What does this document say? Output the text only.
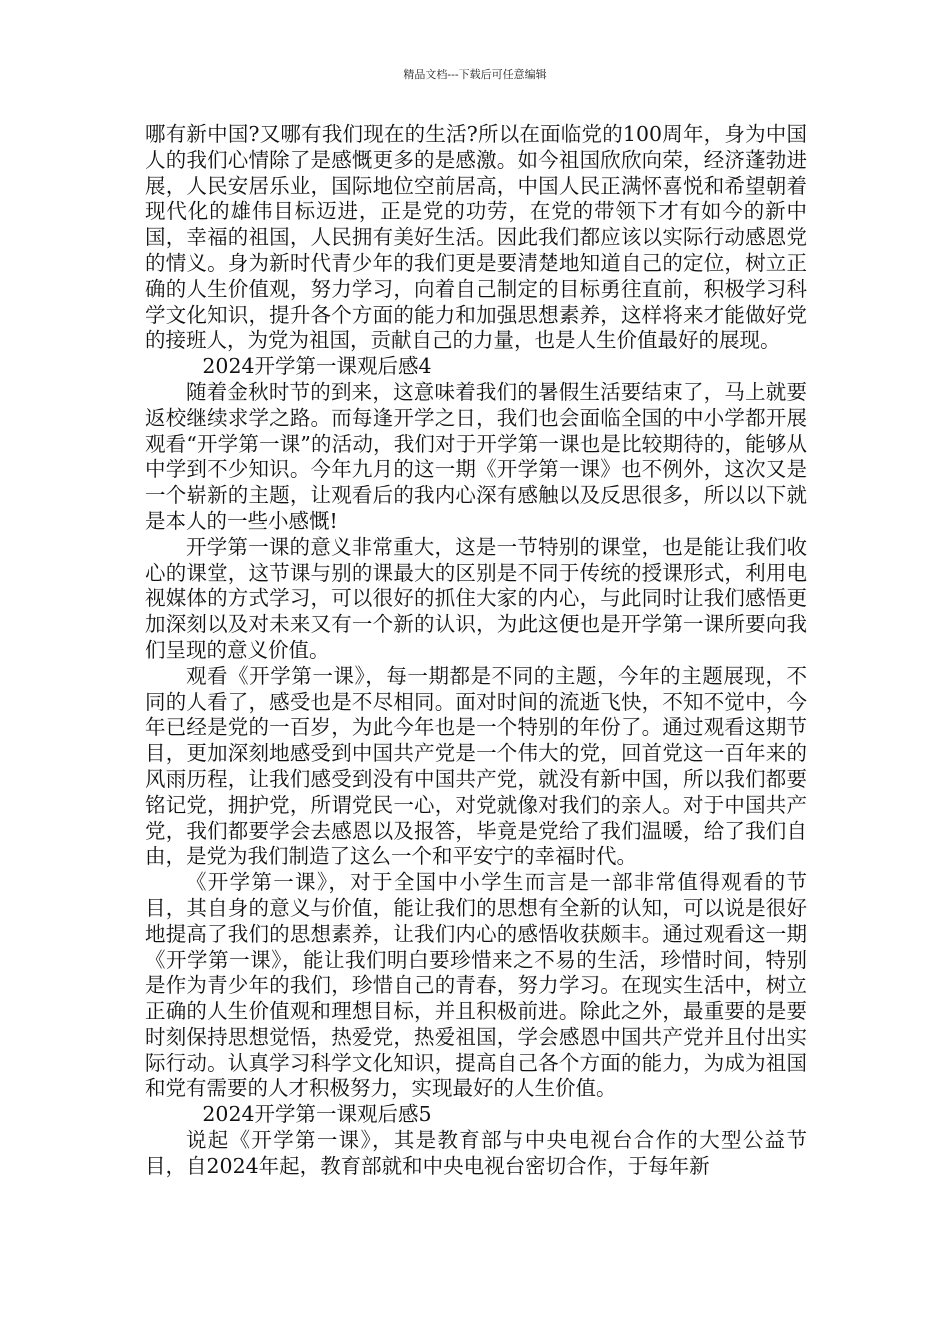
精品文档---下载后可任意编辑

哪有新中国?又哪有我们现在的生活?所以在面临党的100周年，身为中国人的我们心情除了是感慨更多的是感激。如今祖国欣欣向荣，经济蓬勃进展，人民安居乐业，国际地位空前居高，中国人民正满怀喜悦和希望朝着现代化的雄伟目标迈进，正是党的功劳，在党的带领下才有如今的新中国，幸福的祖国，人民拥有美好生活。因此我们都应该以实际行动感恩党的情义。身为新时代青少年的我们更是要清楚地知道自己的定位，树立正确的人生价值观，努力学习，向着自己制定的目标勇往直前，积极学习科学文化知识，提升各个方面的能力和加强思想素养，这样将来才能做好党的接班人，为党为祖国，贡献自己的力量，也是人生价值最好的展现。

2024开学第一课观后感4

随着金秋时节的到来，这意味着我们的暑假生活要结束了，马上就要返校继续求学之路。而每逢开学之日，我们也会面临全国的中小学都开展观看“开学第一课”的活动，我们对于开学第一课也是比较期待的，能够从中学到不少知识。今年九月的这一期《开学第一课》也不例外，这次又是一个崭新的主题，让观看后的我内心深有感触以及反思很多，所以以下就是本人的一些小感慨!

开学第一课的意义非常重大，这是一节特别的课堂，也是能让我们收心的课堂，这节课与别的课最大的区别是不同于传统的授课形式，利用电视媒体的方式学习，可以很好的抓住大家的内心，与此同时让我们感悟更加深刻以及对未来又有一个新的认识，为此这便也是开学第一课所要向我们呈现的意义价值。

观看《开学第一课》，每一期都是不同的主题，今年的主题展现，不同的人看了，感受也是不尽相同。面对时间的流逝飞快，不知不觉中，今年已经是党的一百岁，为此今年也是一个特别的年份了。通过观看这期节目，更加深刻地感受到中国共产党是一个伟大的党，回首党这一百年来的风雨历程，让我们感受到没有中国共产党，就没有新中国，所以我们都要铭记党，拥护党，所谓党民一心，对党就像对我们的亲人。对于中国共产党，我们都要学会去感恩以及报答，毕竟是党给了我们温暖，给了我们自由，是党为我们制造了这么一个和平安宁的幸福时代。

《开学第一课》，对于全国中小学生而言是一部非常值得观看的节目，其自身的意义与价值，能让我们的思想有全新的认知，可以说是很好地提高了我们的思想素养，让我们内心的感悟收获颇丰。通过观看这一期《开学第一课》，能让我们明白要珍惜来之不易的生活，珍惜时间，特别是作为青少年的我们，珍惜自己的青春，努力学习。在现实生活中，树立正确的人生价值观和理想目标，并且积极前进。除此之外，最重要的是要时刻保持思想觉悟，热爱党，热爱祖国，学会感恩中国共产党并且付出实际行动。认真学习科学文化知识，提高自己各个方面的能力，为成为祖国和党有需要的人才积极努力，实现最好的人生价值。

2024开学第一课观后感5

说起《开学第一课》，其是教育部与中央电视台合作的大型公益节目，自2024年起，教育部就和中央电视台密切合作，于每年新
